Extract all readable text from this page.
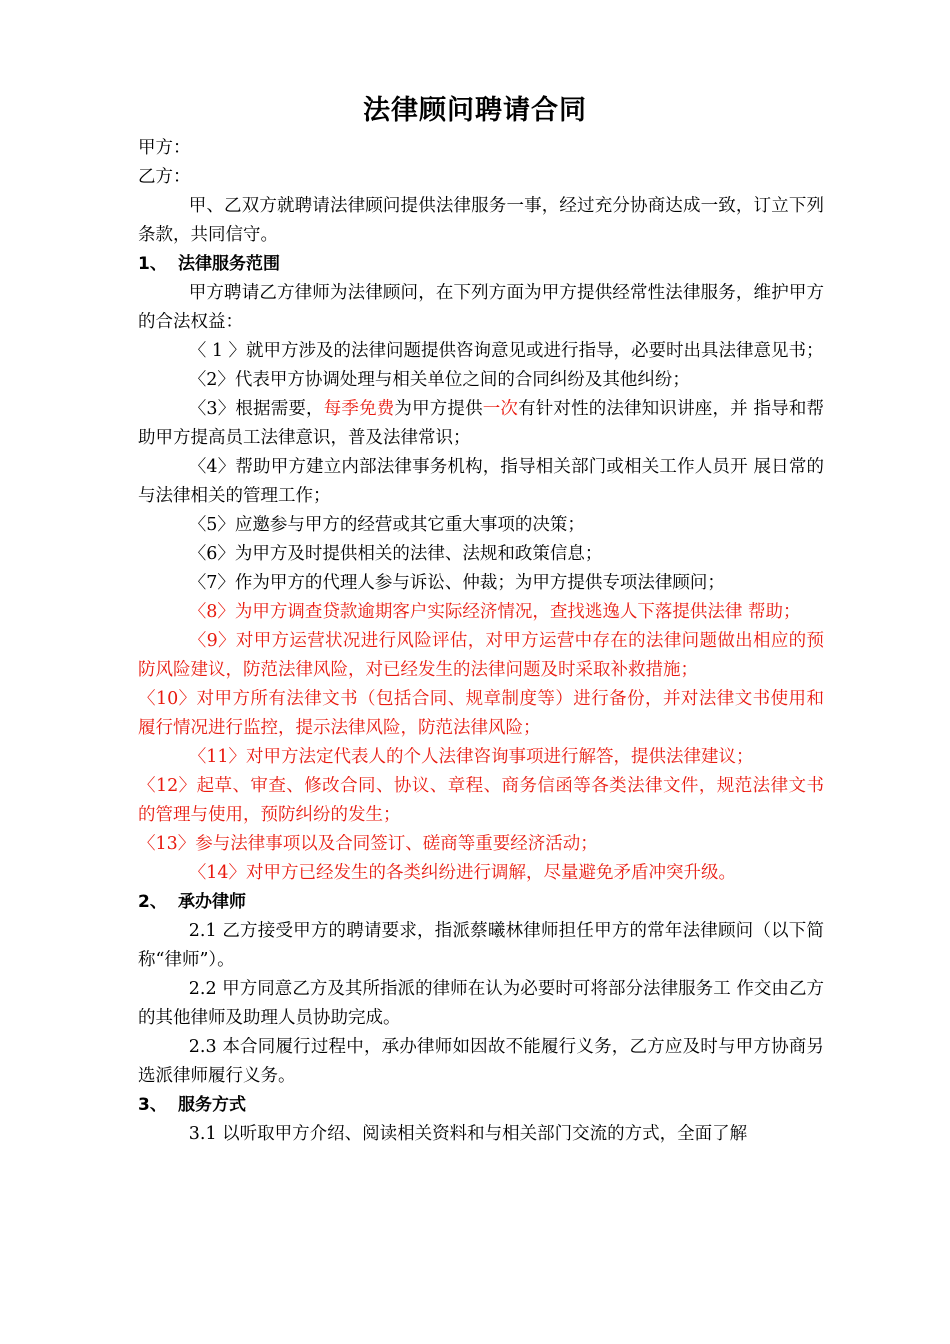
法律顾问聘请合同

甲方：

乙方：

甲、乙双方就聘请法律顾问提供法律服务一事，经过充分协商达成一致，订立下列条款，共同信守。

1、 法律服务范围

甲方聘请乙方律师为法律顾问，在下列方面为甲方提供经常性法律服务，维护甲方的合法权益：

〈 1 〉就甲方涉及的法律问题提供咨询意见或进行指导，必要时出具法律意见书；

〈2〉代表甲方协调处理与相关单位之间的合同纠纷及其他纠纷；

〈3〉根据需要，每季免费为甲方提供一次有针对性的法律知识讲座，并 指导和帮助甲方提高员工法律意识，普及法律常识；

〈4〉帮助甲方建立内部法律事务机构，指导相关部门或相关工作人员开 展日常的与法律相关的管理工作；

〈5〉应邀参与甲方的经营或其它重大事项的决策；

〈6〉为甲方及时提供相关的法律、法规和政策信息；

〈7〉作为甲方的代理人参与诉讼、仲裁；为甲方提供专项法律顾问；

〈8〉为甲方调查贷款逾期客户实际经济情况，查找逃逸人下落提供法律 帮助；

〈9〉对甲方运营状况进行风险评估，对甲方运营中存在的法律问题做出相应的预防风险建议，防范法律风险，对已经发生的法律问题及时采取补救措施；

〈10〉对甲方所有法律文书（包括合同、规章制度等）进行备份，并对法律文书使用和履行情况进行监控，提示法律风险，防范法律风险；

〈11〉对甲方法定代表人的个人法律咨询事项进行解答，提供法律建议；

〈12〉起草、审查、修改合同、协议、章程、商务信函等各类法律文件，规范法律文书的管理与使用，预防纠纷的发生；

〈13〉参与法律事项以及合同签订、磋商等重要经济活动；

〈14〉对甲方已经发生的各类纠纷进行调解，尽量避免矛盾冲突升级。

2、 承办律师

2.1 乙方接受甲方的聘请要求，指派蔡曦林律师担任甲方的常年法律顾问（以下简称“律师”）。

2.2 甲方同意乙方及其所指派的律师在认为必要时可将部分法律服务工 作交由乙方的其他律师及助理人员协助完成。

2.3 本合同履行过程中，承办律师如因故不能履行义务，乙方应及时与甲方协商另选派律师履行义务。

3、 服务方式

3.1 以听取甲方介绍、阅读相关资料和与相关部门交流的方式，全面了解
